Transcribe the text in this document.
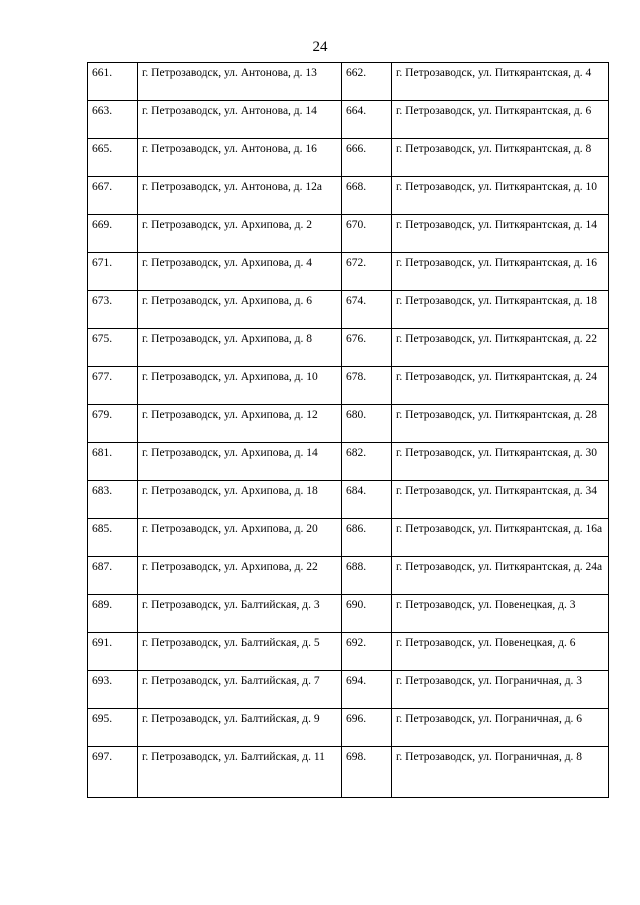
24
661.	г. Петрозаводск, ул. Антонова, д. 13	662.	г. Петрозаводск, ул. Питкярантская, д. 4
663.	г. Петрозаводск, ул. Антонова, д. 14	664.	г. Петрозаводск, ул. Питкярантская, д. 6
665.	г. Петрозаводск, ул. Антонова, д. 16	666.	г. Петрозаводск, ул. Питкярантская, д. 8
667.	г. Петрозаводск, ул. Антонова, д. 12а	668.	г. Петрозаводск, ул. Питкярантская, д. 10
669.	г. Петрозаводск, ул. Архипова, д. 2	670.	г. Петрозаводск, ул. Питкярантская, д. 14
671.	г. Петрозаводск, ул. Архипова, д. 4	672.	г. Петрозаводск, ул. Питкярантская, д. 16
673.	г. Петрозаводск, ул. Архипова, д. 6	674.	г. Петрозаводск, ул. Питкярантская, д. 18
675.	г. Петрозаводск, ул. Архипова, д. 8	676.	г. Петрозаводск, ул. Питкярантская, д. 22
677.	г. Петрозаводск, ул. Архипова, д. 10	678.	г. Петрозаводск, ул. Питкярантская, д. 24
679.	г. Петрозаводск, ул. Архипова, д. 12	680.	г. Петрозаводск, ул. Питкярантская, д. 28
681.	г. Петрозаводск, ул. Архипова, д. 14	682.	г. Петрозаводск, ул. Питкярантская, д. 30
683.	г. Петрозаводск, ул. Архипова, д. 18	684.	г. Петрозаводск, ул. Питкярантская, д. 34
685.	г. Петрозаводск, ул. Архипова, д. 20	686.	г. Петрозаводск, ул. Питкярантская, д. 16а
687.	г. Петрозаводск, ул. Архипова, д. 22	688.	г. Петрозаводск, ул. Питкярантская, д. 24а
689.	г. Петрозаводск, ул. Балтийская, д. 3	690.	г. Петрозаводск, ул. Повенецкая, д. 3
691.	г. Петрозаводск, ул. Балтийская, д. 5	692.	г. Петрозаводск, ул. Повенецкая, д. 6
693.	г. Петрозаводск, ул. Балтийская, д. 7	694.	г. Петрозаводск, ул. Пограничная, д. 3
695.	г. Петрозаводск, ул. Балтийская, д. 9	696.	г. Петрозаводск, ул. Пограничная, д. 6
697.	г. Петрозаводск, ул. Балтийская, д. 11	698.	г. Петрозаводск, ул. Пограничная, д. 8
